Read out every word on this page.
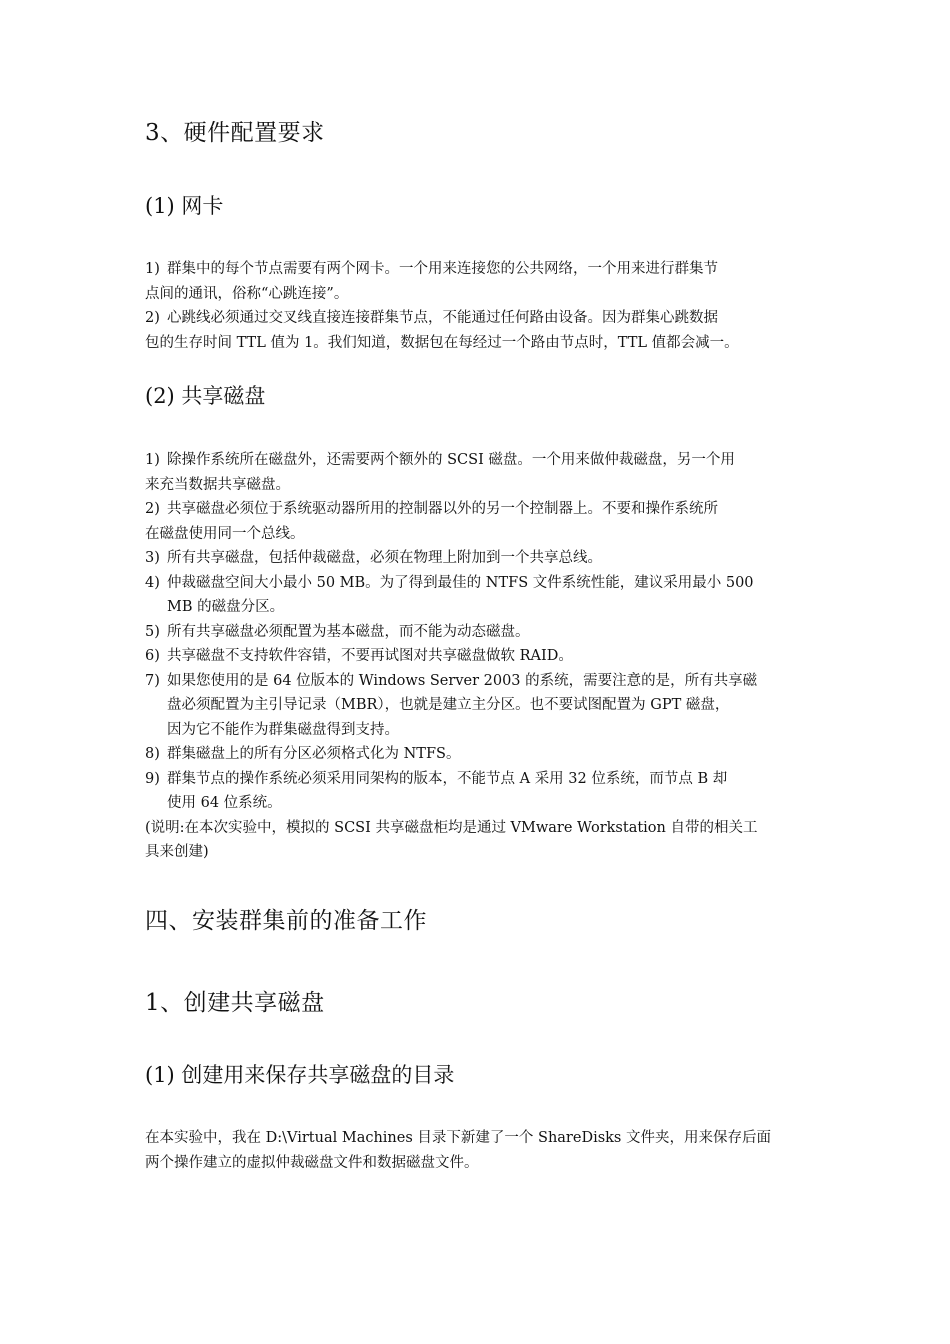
3、硬件配置要求
(1) 网卡
1) 群集中的每个节点需要有两个网卡。一个用来连接您的公共网络，一个用来进行群集节
点间的通讯，俗称“心跳连接”。
2) 心跳线必须通过交叉线直接连接群集节点，不能通过任何路由设备。因为群集心跳数据
包的生存时间 TTL 值为 1。我们知道，数据包在每经过一个路由节点时，TTL 值都会减一。
(2) 共享磁盘
1) 除操作系统所在磁盘外，还需要两个额外的 SCSI 磁盘。一个用来做仲裁磁盘，另一个用
来充当数据共享磁盘。
2) 共享磁盘必须位于系统驱动器所用的控制器以外的另一个控制器上。不要和操作系统所
在磁盘使用同一个总线。
3) 所有共享磁盘，包括仲裁磁盘，必须在物理上附加到一个共享总线。
4) 仲裁磁盘空间大小最小 50 MB。为了得到最佳的 NTFS 文件系统性能，建议采用最小 500
MB 的磁盘分区。
5) 所有共享磁盘必须配置为基本磁盘，而不能为动态磁盘。
6) 共享磁盘不支持软件容错，不要再试图对共享磁盘做软 RAID。
7) 如果您使用的是 64 位版本的 Windows Server 2003 的系统，需要注意的是，所有共享磁
盘必须配置为主引导记录（MBR），也就是建立主分区。也不要试图配置为 GPT 磁盘，
因为它不能作为群集磁盘得到支持。
8) 群集磁盘上的所有分区必须格式化为 NTFS。
9) 群集节点的操作系统必须采用同架构的版本，不能节点 A 采用 32 位系统，而节点 B 却
使用 64 位系统。
(说明:在本次实验中，模拟的 SCSI 共享磁盘柜均是通过 VMware Workstation 自带的相关工
具来创建)
四、安装群集前的准备工作
1、创建共享磁盘
(1) 创建用来保存共享磁盘的目录
在本实验中，我在 D:\Virtual Machines 目录下新建了一个 ShareDisks 文件夹，用来保存后面
两个操作建立的虚拟仲裁磁盘文件和数据磁盘文件。
